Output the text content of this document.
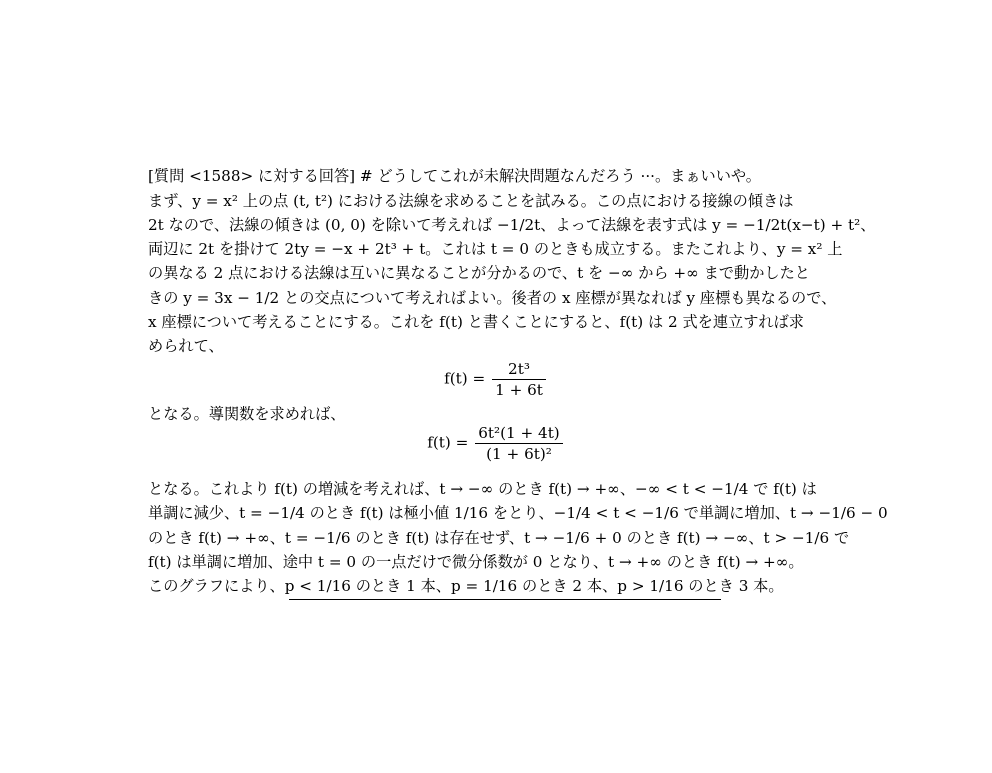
[質問 <1588> に対する回答] # どうしてこれが未解決問題なんだろう ···。まぁいいや。
まず、y = x² 上の点 (t, t²) における法線を求めることを試みる。この点における接線の傾きは
2t なので、法線の傾きは (0, 0) を除いて考えれば −1/2t、よって法線を表す式は y = −1/2t(x−t) + t²、
両辺に 2t を掛けて 2ty = −x + 2t³ + t。これは t = 0 のときも成立する。またこれより、y = x² 上
の異なる 2 点における法線は互いに異なることが分かるので、t を −∞ から +∞ まで動かしたと
きの y = 3x − 1/2 との交点について考えればよい。後者の x 座標が異なれば y 座標も異なるので、
x 座標について考えることにする。これを f(t) と書くことにすると、f(t) は 2 式を連立すれば求
められて、
$f(t) = \frac{\text{2t³}}{1 + 6t}$
となる。導関数を求めれば、
$f(t) = \frac{\text{6t²(1 + 4t)}}{\text{(1 + 6t)²}}$
となる。これより f(t) の増減を考えれば、t → −∞ のとき f(t) → +∞、−∞ < t < −1/4 で f(t) は
単調に減少、t = −1/4 のとき f(t) は極小値 1/16 をとり、−1/4 < t < −1/6 で単調に増加、t → −1/6 − 0
のとき f(t) → +∞、t = −1/6 のとき f(t) は存在せず、t → −1/6 + 0 のとき f(t) → −∞、t > −1/6 で
f(t) は単調に増加、途中 t = 0 の一点だけで微分係数が 0 となり、t → +∞ のとき f(t) → +∞。
このグラフにより、p < 1/16 のとき 1 本、p = 1/16 のとき 2 本、p > 1/16 のとき 3 本。
